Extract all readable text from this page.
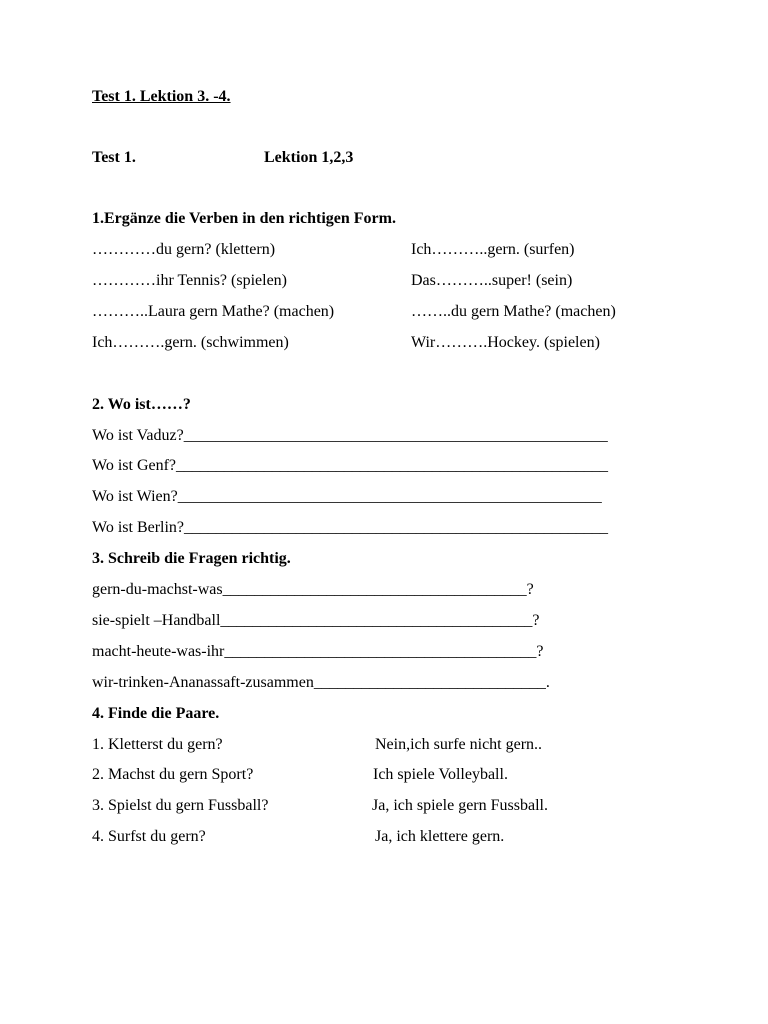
Test 1. Lektion 3. -4.
Test 1.	Lektion 1,2,3
1.Ergänze die Verben in den richtigen Form.
…………du gern? (klettern)	Ich………..gern. (surfen)
…………ihr Tennis? (spielen)	Das………..super! (sein)
………..Laura gern Mathe? (machen)	……..du gern Mathe? (machen)
Ich……….gern. (schwimmen)	Wir……….Hockey. (spielen)
2. Wo ist……?
Wo ist Vaduz?_____________________________________________________
Wo ist Genf?______________________________________________________
Wo ist Wien?_____________________________________________________
Wo ist Berlin?_____________________________________________________
3. Schreib die Fragen richtig.
gern-du-machst-was______________________________________?
sie-spielt –Handball_______________________________________?
macht-heute-was-ihr_______________________________________?
wir-trinken-Ananassaft-zusammen_____________________________.
4. Finde die Paare.
1. Kletterst du gern?	Nein,ich surfe nicht gern..
2. Machst du gern Sport?	Ich spiele Volleyball.
3. Spielst du gern Fussball?	Ja, ich spiele gern Fussball.
4. Surfst du gern?	Ja, ich klettere gern.
